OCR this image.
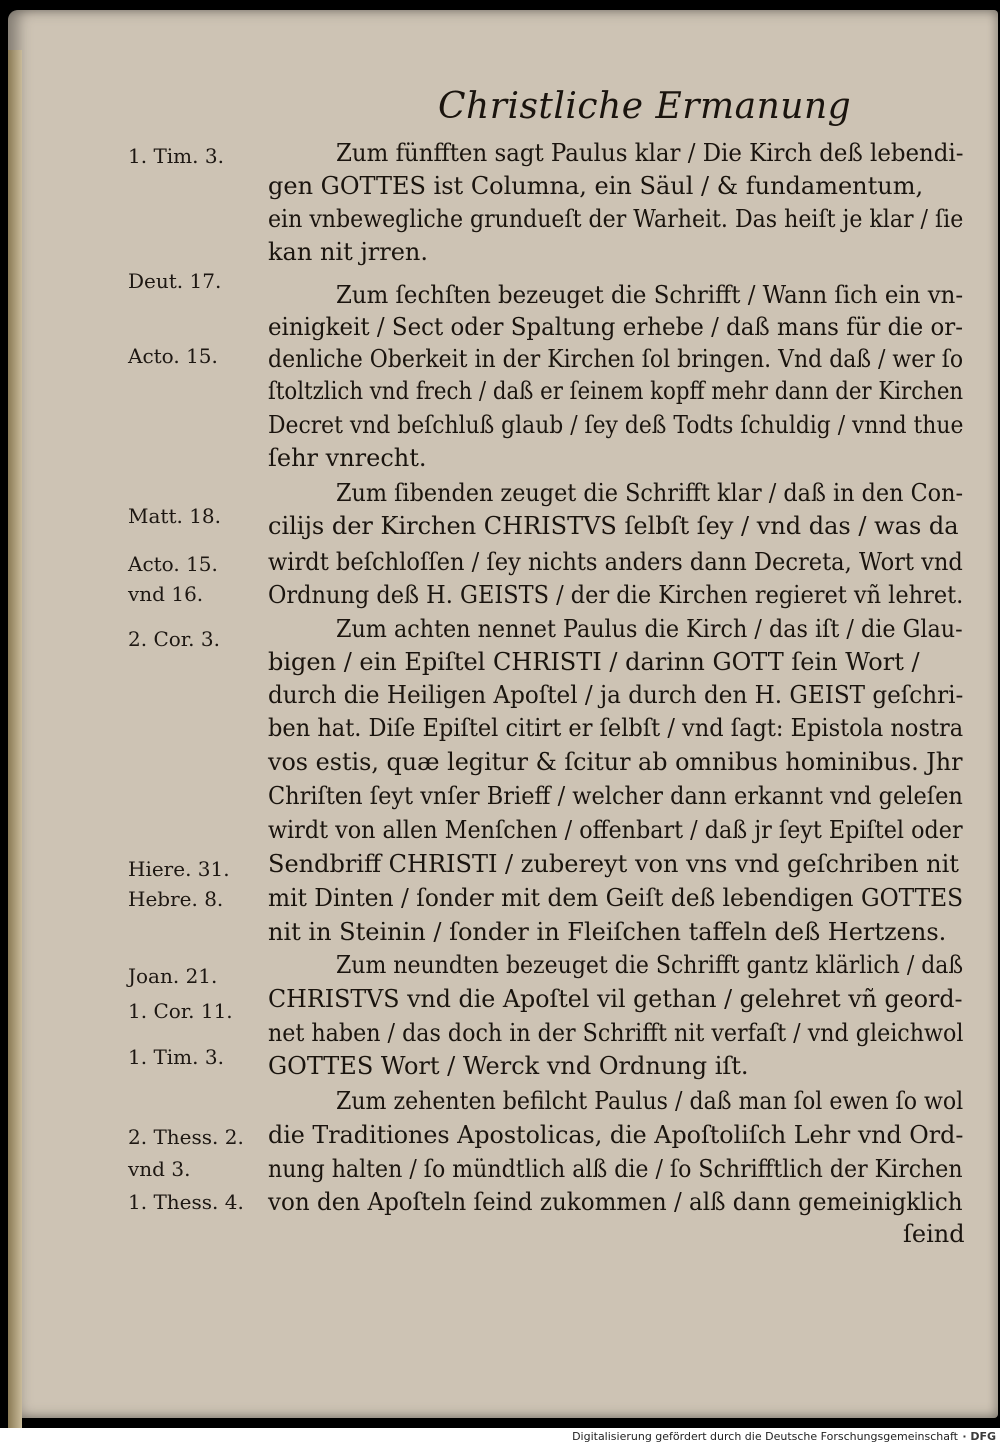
Christliche Ermanung
1. Tim. 3.
Deut. 17.
Acto. 15.
Matt. 18.
Acto. 15.
vnd 16.
2. Cor. 3.
Hiere. 31.
Hebre. 8.
Joan. 21.
1. Cor. 11.
1. Tim. 3.
2. Thess. 2.
vnd 3.
1. Thess. 4.
Zum fünfften sagt Paulus klar / Die Kirch deß lebendi-
gen GOTTES ist Columna, ein Säul / & fundamentum,
ein vnbewegliche grundueſt der Warheit. Das heiſt je klar / ſie
kan nit jrren.
Zum ſechſten bezeuget die Schrifft / Wann ſich ein vn-
einigkeit / Sect oder Spaltung erhebe / daß mans für die or-
denliche Oberkeit in der Kirchen ſol bringen. Vnd daß / wer ſo
ſtoltzlich vnd frech / daß er ſeinem kopff mehr dann der Kirchen
Decret vnd beſchluß glaub / ſey deß Todts ſchuldig / vnnd thue
ſehr vnrecht.
Zum ſibenden zeuget die Schrifft klar / daß in den Con-
cilijs der Kirchen CHRISTVS ſelbſt ſey / vnd das / was da
wirdt beſchloſſen / ſey nichts anders dann Decreta, Wort vnd
Ordnung deß H. GEISTS / der die Kirchen regieret vñ lehret.
Zum achten nennet Paulus die Kirch / das iſt / die Glau-
bigen / ein Epiſtel CHRISTI / darinn GOTT ſein Wort /
durch die Heiligen Apoſtel / ja durch den H. GEIST geſchri-
ben hat. Diſe Epiſtel citirt er ſelbſt / vnd ſagt: Epistola nostra
vos estis, quæ legitur & ſcitur ab omnibus hominibus. Jhr
Chriſten ſeyt vnſer Brieff / welcher dann erkannt vnd geleſen
wirdt von allen Menſchen / offenbart / daß jr ſeyt Epiſtel oder
Sendbriff CHRISTI / zubereyt von vns vnd geſchriben nit
mit Dinten / ſonder mit dem Geiſt deß lebendigen GOTTES
nit in Steinin / ſonder in Fleiſchen taffeln deß Hertzens.
Zum neundten bezeuget die Schrifft gantz klärlich / daß
CHRISTVS vnd die Apoſtel vil gethan / gelehret vñ geord-
net haben / das doch in der Schrifft nit verfaſt / vnd gleichwol
GOTTES Wort / Werck vnd Ordnung iſt.
Zum zehenten befilcht Paulus / daß man ſol ewen ſo wol
die Traditiones Apostolicas, die Apoſtoliſch Lehr vnd Ord-
nung halten / ſo mündtlich alß die / ſo Schrifftlich der Kirchen
von den Apoſteln ſeind zukommen / alß dann gemeinigklich
ſeind
Digitalisierung gefördert durch die Deutsche Forschungsgemeinschaft · DFG
